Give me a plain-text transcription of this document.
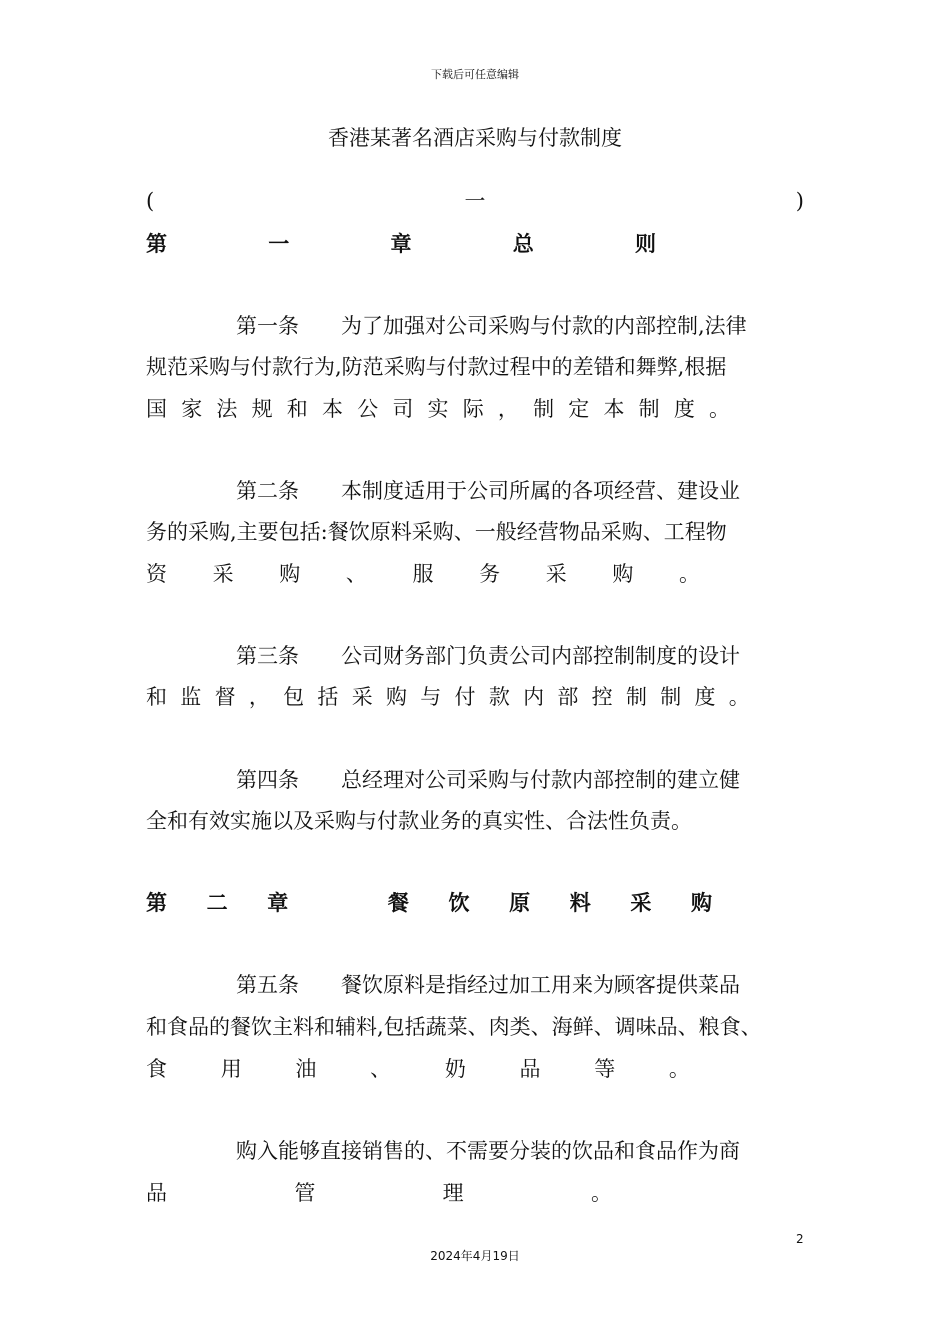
下载后可任意编辑
香港某著名酒店采购与付款制度
(	一	)
第	一	章	总	则
第一条　　为了加强对公司采购与付款的内部控制,法律
规范采购与付款行为,防范采购与付款过程中的差错和舞弊,根据
国 家 法 规 和 本 公 司 实 际 ， 制 定 本 制 度 。
第二条　　本制度适用于公司所属的各项经营、建设业
务的采购,主要包括:餐饮原料采购、一般经营物品采购、工程物
资 采 购 、 服 务 采 购 。
第三条　　公司财务部门负责公司内部控制制度的设计
和 监 督 ， 包 括 采 购 与 付 款 内 部 控 制 制 度 。
第四条　　总经理对公司采购与付款内部控制的建立健
全和有效实施以及采购与付款业务的真实性、合法性负责。
第 二 章	餐 饮 原 料 采 购
第五条　　餐饮原料是指经过加工用来为顾客提供菜品
和食品的餐饮主料和辅料,包括蔬菜、肉类、海鲜、调味品、粮食、
食	用	油	、	奶	品	等	。
购入能够直接销售的、不需要分装的饮品和食品作为商
品	管	理	。
2
2024年4月19日
